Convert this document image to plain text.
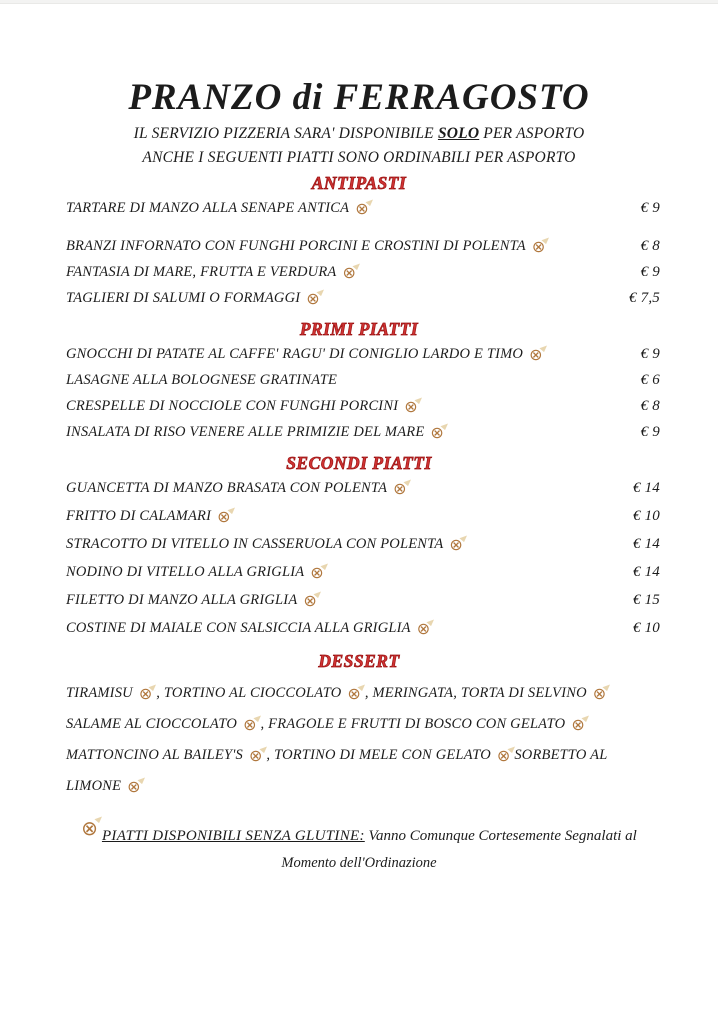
PRANZO di FERRAGOSTO

IL SERVIZIO PIZZERIA SARA' DISPONIBILE SOLO PER ASPORTO

ANCHE I SEGUENTI PIATTI SONO ORDINABILI PER ASPORTO

ANTIPASTI
TARTARE DI MANZO ALLA SENAPE ANTICA ⊗	€ 9
BRANZI INFORNATO CON FUNGHI PORCINI E CROSTINI DI POLENTA ⊗	€ 8
FANTASIA DI MARE, FRUTTA E VERDURA ⊗	€ 9
TAGLIERI DI SALUMI O FORMAGGI ⊗	€ 7,5
PRIMI PIATTI
GNOCCHI DI PATATE AL CAFFE' RAGU' DI CONIGLIO LARDO E TIMO ⊗	€ 9
LASAGNE ALLA BOLOGNESE GRATINATE	€ 6
CRESPELLE DI NOCCIOLE CON FUNGHI PORCINI ⊗	€ 8
INSALATA DI RISO VENERE ALLE PRIMIZIE DEL MARE ⊗	€ 9
SECONDI PIATTI
GUANCETTA DI MANZO BRASATA CON POLENTA ⊗	€ 14
FRITTO DI CALAMARI ⊗	€ 10
STRACOTTO DI VITELLO IN CASSERUOLA CON POLENTA ⊗	€ 14
NODINO DI VITELLO ALLA GRIGLIA ⊗	€ 14
FILETTO DI MANZO ALLA GRIGLIA ⊗	€ 15
COSTINE DI MAIALE CON SALSICCIA ALLA GRIGLIA ⊗	€ 10
DESSERT

TIRAMISU ⊗ , TORTINO AL CIOCCOLATO ⊗ , MERINGATA, TORTA DI SELVINO ⊗

SALAME AL CIOCCOLATO ⊗ , FRAGOLE E FRUTTI DI BOSCO CON GELATO ⊗

MATTONCINO AL BAILEY'S ⊗ , TORTINO DI MELE CON GELATO ⊗ SORBETTO AL

LIMONE ⊗

⊗ PIATTI DISPONIBILI SENZA GLUTINE: Vanno Comunque Cortesemente Segnalati al
Momento dell'Ordinazione
